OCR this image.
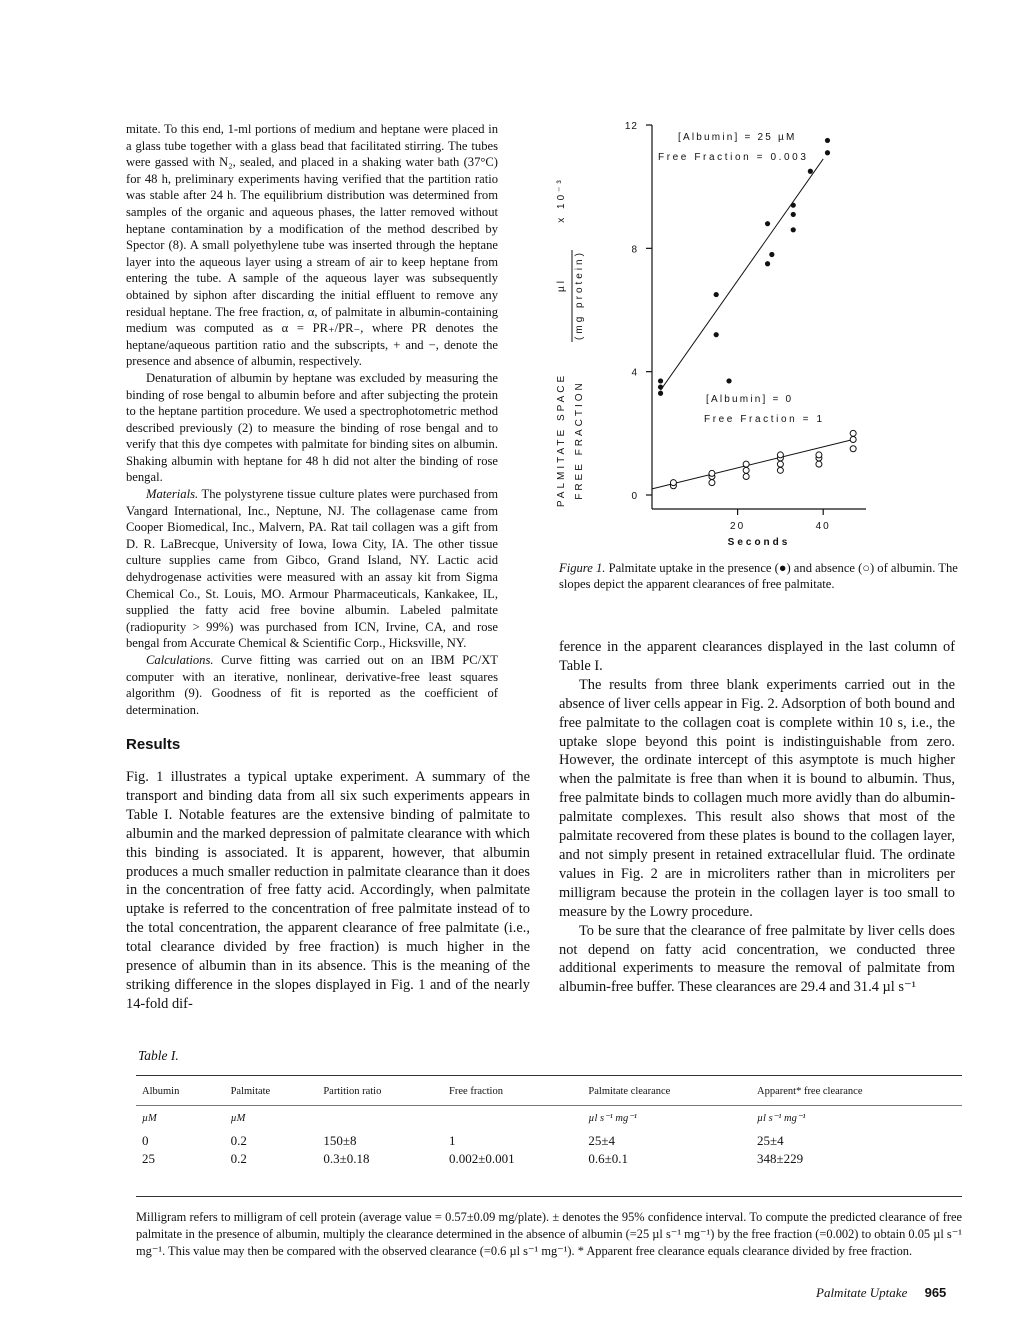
mitate. To this end, 1-ml portions of medium and heptane were placed in a glass tube together with a glass bead that facilitated stirring. The tubes were gassed with N₂, sealed, and placed in a shaking water bath (37°C) for 48 h, preliminary experiments having verified that the partition ratio was stable after 24 h. The equilibrium distribution was determined from samples of the organic and aqueous phases, the latter removed without heptane contamination by a modification of the method described by Spector (8). A small polyethylene tube was inserted through the heptane layer into the aqueous layer using a stream of air to keep heptane from entering the tube. A sample of the aqueous layer was subsequently obtained by siphon after discarding the initial effluent to remove any residual heptane. The free fraction, α, of palmitate in albumin-containing medium was computed as α = PR₊/PR₋, where PR denotes the heptane/aqueous partition ratio and the subscripts, + and −, denote the presence and absence of albumin, respectively.

Denaturation of albumin by heptane was excluded by measuring the binding of rose bengal to albumin before and after subjecting the protein to the heptane partition procedure. We used a spectrophotometric method described previously (2) to measure the binding of rose bengal and to verify that this dye competes with palmitate for binding sites on albumin. Shaking albumin with heptane for 48 h did not alter the binding of rose bengal.

Materials. The polystyrene tissue culture plates were purchased from Vangard International, Inc., Neptune, NJ. The collagenase came from Cooper Biomedical, Inc., Malvern, PA. Rat tail collagen was a gift from D. R. LaBrecque, University of Iowa, Iowa City, IA. The other tissue culture supplies came from Gibco, Grand Island, NY. Lactic acid dehydrogenase activities were measured with an assay kit from Sigma Chemical Co., St. Louis, MO. Armour Pharmaceuticals, Kankakee, IL, supplied the fatty acid free bovine albumin. Labeled palmitate (radiopurity > 99%) was purchased from ICN, Irvine, CA, and rose bengal from Accurate Chemical & Scientific Corp., Hicksville, NY.

Calculations. Curve fitting was carried out on an IBM PC/XT computer with an iterative, nonlinear, derivative-free least squares algorithm (9). Goodness of fit is reported as the coefficient of determination.

Results

Fig. 1 illustrates a typical uptake experiment. A summary of the transport and binding data from all six such experiments appears in Table I. Notable features are the extensive binding of palmitate to albumin and the marked depression of palmitate clearance with which this binding is associated. It is apparent, however, that albumin produces a much smaller reduction in palmitate clearance than it does in the concentration of free fatty acid. Accordingly, when palmitate uptake is referred to the concentration of free palmitate instead of to the total concentration, the apparent clearance of free palmitate (i.e., total clearance divided by free fraction) is much higher in the presence of albumin than in its absence. This is the meaning of the striking difference in the slopes displayed in Fig. 1 and of the nearly 14-fold dif-

0
4
8
12
20	40
Seconds
PALMITATE SPACE FREE FRACTION
µl (mg protein)
x 10⁻³
[Albumin] = 25 µM
Free Fraction = 0.003
[Albumin] = 0
Free Fraction = 1
Figure 1. Palmitate uptake in the presence (●) and absence (○) of albumin. The slopes depict the apparent clearances of free palmitate.

ference in the apparent clearances displayed in the last column of Table I.

The results from three blank experiments carried out in the absence of liver cells appear in Fig. 2. Adsorption of both bound and free palmitate to the collagen coat is complete within 10 s, i.e., the uptake slope beyond this point is indistinguishable from zero. However, the ordinate intercept of this asymptote is much higher when the palmitate is free than when it is bound to albumin. Thus, free palmitate binds to collagen much more avidly than do albumin-palmitate complexes. This result also shows that most of the palmitate recovered from these plates is bound to the collagen layer, and not simply present in retained extracellular fluid. The ordinate values in Fig. 2 are in microliters rather than in microliters per milligram because the protein in the collagen layer is too small to measure by the Lowry procedure.

To be sure that the clearance of free palmitate by liver cells does not depend on fatty acid concentration, we conducted three additional experiments to measure the removal of palmitate from albumin-free buffer. These clearances are 29.4 and 31.4 µl s⁻¹

Table I.
Albumin	Palmitate	Partition ratio	Free fraction	Palmitate clearance	Apparent* free clearance
µM	µM			µl s⁻¹ mg⁻¹	µl s⁻¹ mg⁻¹
0	0.2	150±8	1	25±4	25±4
25	0.2	0.3±0.18	0.002±0.001	0.6±0.1	348±229
Milligram refers to milligram of cell protein (average value = 0.57±0.09 mg/plate). ± denotes the 95% confidence interval. To compute the predicted clearance of free palmitate in the presence of albumin, multiply the clearance determined in the absence of albumin (=25 µl s⁻¹ mg⁻¹) by the free fraction (=0.002) to obtain 0.05 µl s⁻¹ mg⁻¹. This value may then be compared with the observed clearance (=0.6 µl s⁻¹ mg⁻¹). * Apparent free clearance equals clearance divided by free fraction.
Palmitate Uptake 965
